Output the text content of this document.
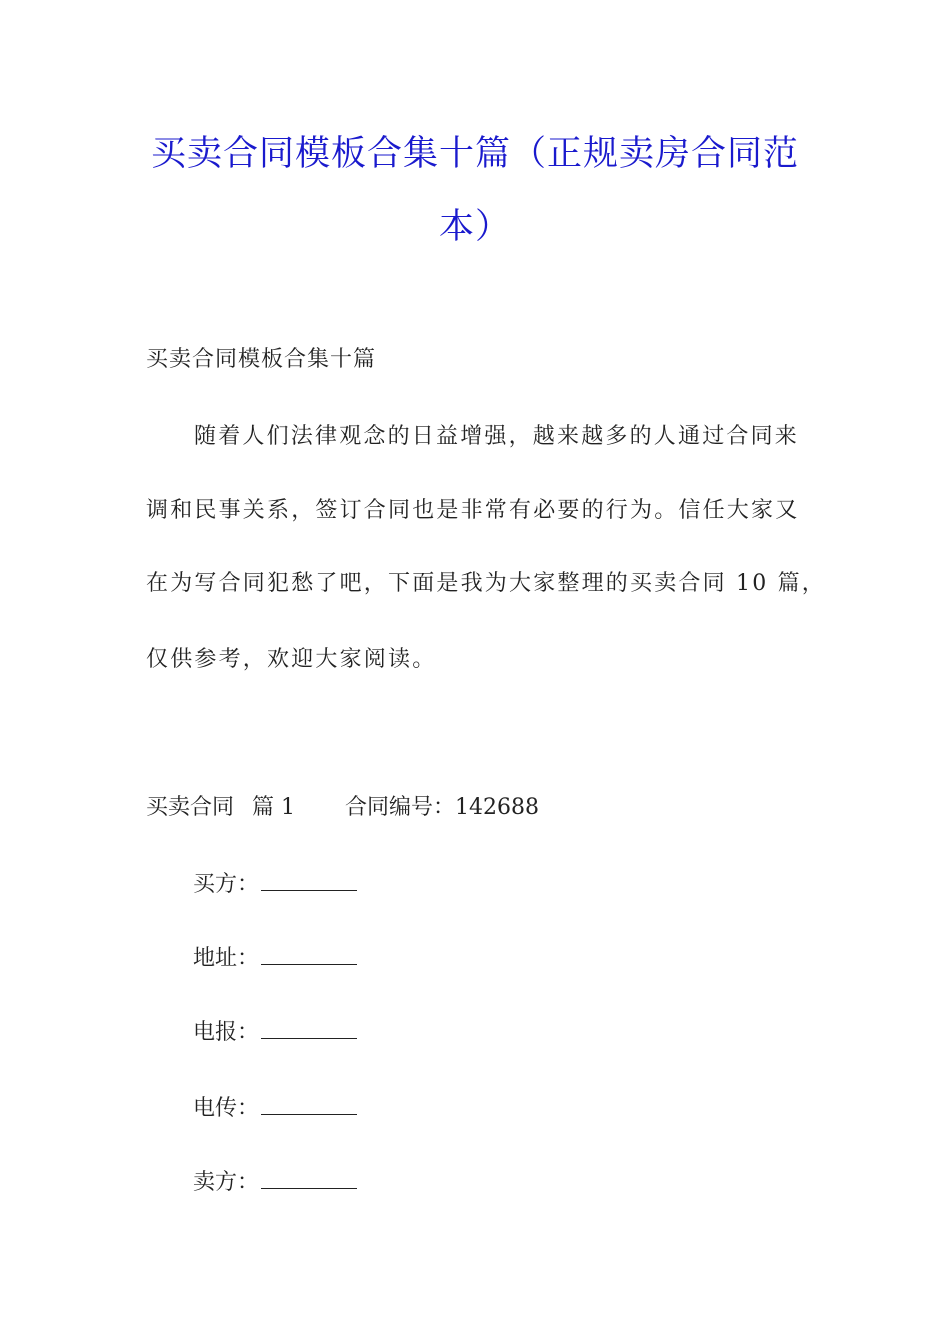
买卖合同模板合集十篇（正规卖房合同范
本）
买卖合同模板合集十篇
随着人们法律观念的日益增强，越来越多的人通过合同来
调和民事关系，签订合同也是非常有必要的行为。信任大家又
在为写合同犯愁了吧，下面是我为大家整理的买卖合同 10 篇，
仅供参考，欢迎大家阅读。
买卖合同 篇 1 合同编号：142688
买方：
地址：
电报：
电传：
卖方：
